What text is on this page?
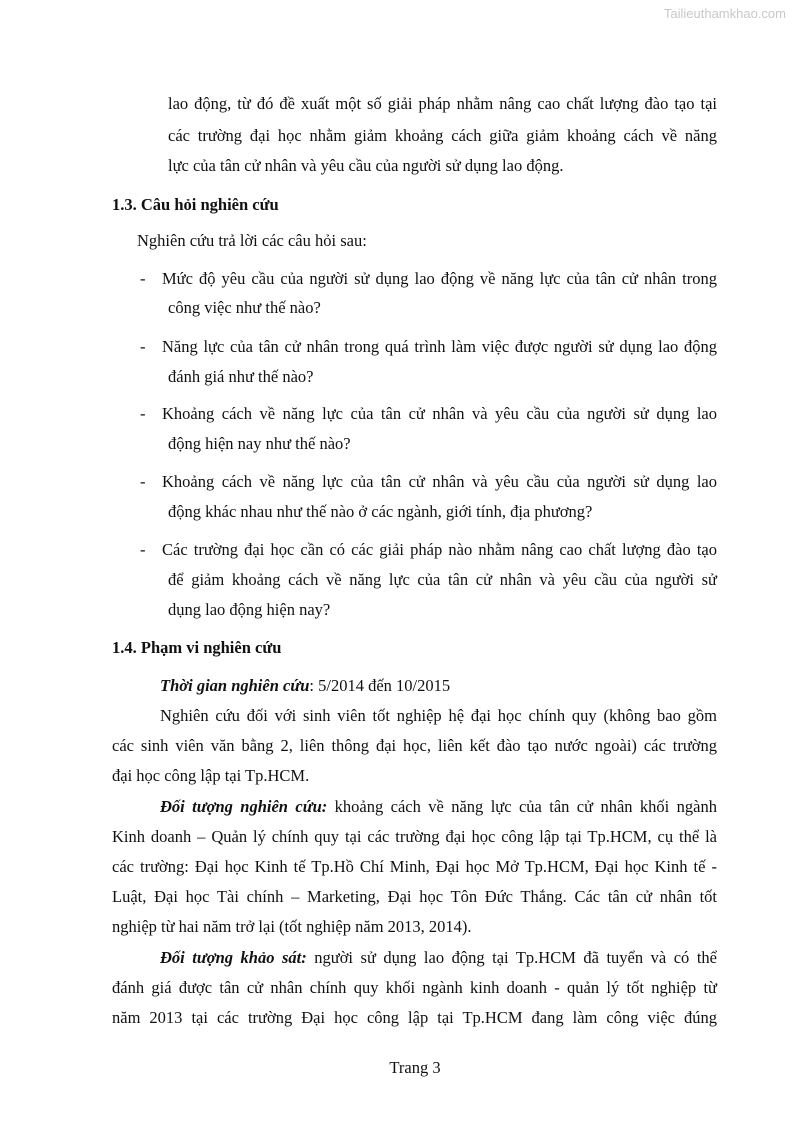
Tailieuthamkhao.com
lao động, từ đó đề xuất một số giải pháp nhằm nâng cao chất lượng đào tạo tại
các trường đại học nhằm giảm khoảng cách giữa giảm khoảng cách về năng
lực của tân cử nhân và yêu cầu của người sử dụng lao động.
1.3. Câu hỏi nghiên cứu
Nghiên cứu trả lời các câu hỏi sau:
- Mức độ yêu cầu của người sử dụng lao động về năng lực của tân cử nhân trong
công việc như thế nào?
- Năng lực của tân cử nhân trong quá trình làm việc được người sử dụng lao động
đánh giá như thế nào?
- Khoảng cách về năng lực của tân cử nhân và yêu cầu của người sử dụng lao
động hiện nay như thế nào?
- Khoảng cách về năng lực của tân cử nhân và yêu cầu của người sử dụng lao
động khác nhau như thế nào ở các ngành, giới tính, địa phương?
- Các trường đại học cần có các giải pháp nào nhằm nâng cao chất lượng đào tạo
để giảm khoảng cách về năng lực của tân cử nhân và yêu cầu của người sử
dụng lao động hiện nay?
1.4. Phạm vi nghiên cứu
Thời gian nghiên cứu: 5/2014 đến 10/2015
Nghiên cứu đối với sinh viên tốt nghiệp hệ đại học chính quy (không bao gồm
các sinh viên văn bằng 2, liên thông đại học, liên kết đào tạo nước ngoài) các trường
đại học công lập tại Tp.HCM.
Đối tượng nghiên cứu: khoảng cách về năng lực của tân cử nhân khối ngành
Kinh doanh – Quản lý chính quy tại các trường đại học công lập tại Tp.HCM, cụ thể là
các trường: Đại học Kinh tế Tp.Hồ Chí Minh, Đại học Mở Tp.HCM, Đại học Kinh tế -
Luật, Đại học Tài chính – Marketing, Đại học Tôn Đức Thắng. Các tân cử nhân tốt
nghiệp từ hai năm trở lại (tốt nghiệp năm 2013, 2014).
Đối tượng khảo sát: người sử dụng lao động tại Tp.HCM đã tuyển và có thể
đánh giá được tân cử nhân chính quy khối ngành kinh doanh - quản lý tốt nghiệp từ
năm 2013 tại các trường Đại học công lập tại Tp.HCM đang làm công việc đúng
Trang 3
